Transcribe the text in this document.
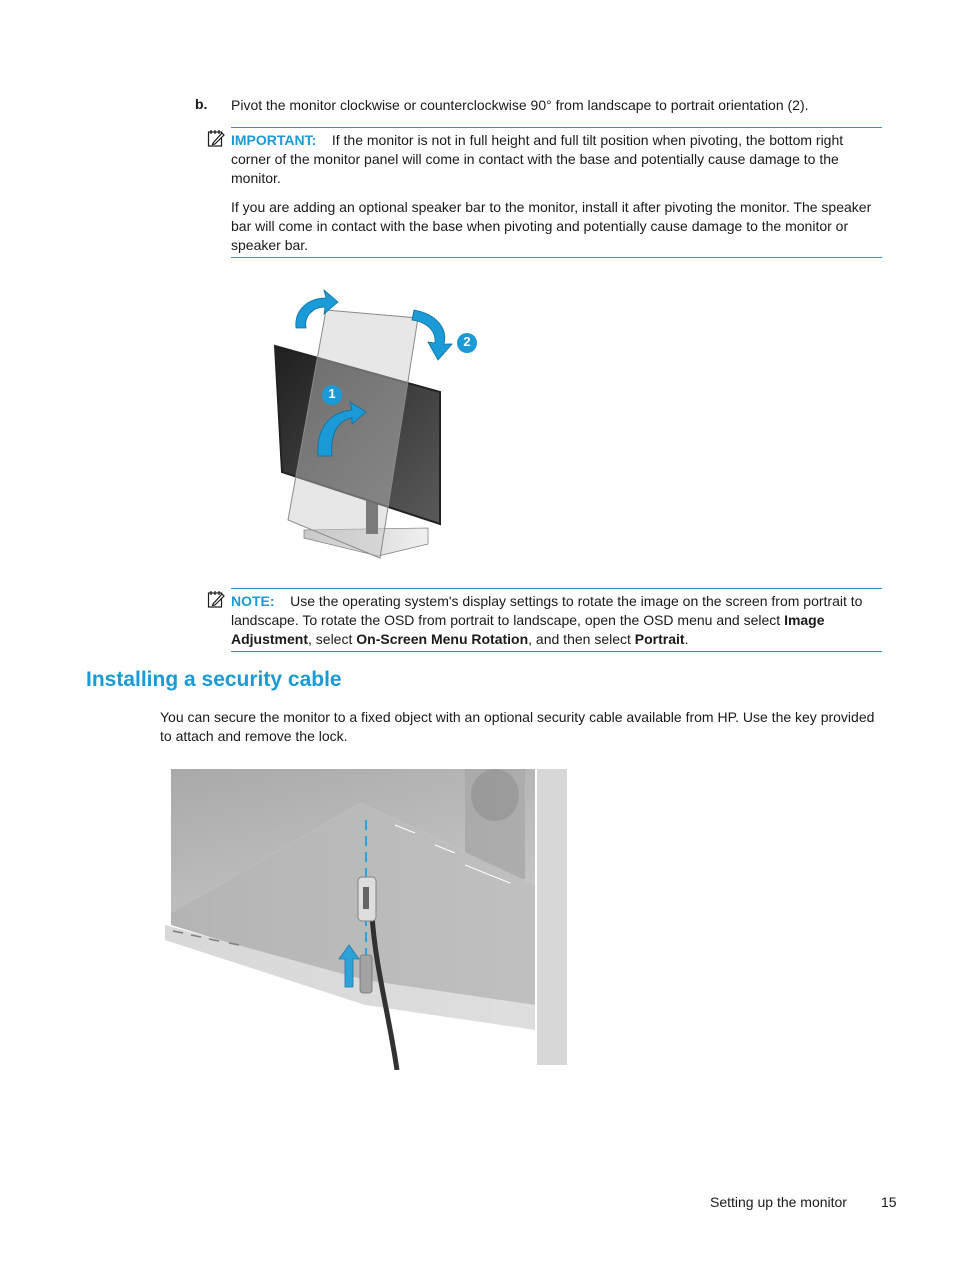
b. Pivot the monitor clockwise or counterclockwise 90° from landscape to portrait orientation (2).
IMPORTANT: If the monitor is not in full height and full tilt position when pivoting, the bottom right corner of the monitor panel will come in contact with the base and potentially cause damage to the monitor.
If you are adding an optional speaker bar to the monitor, install it after pivoting the monitor. The speaker bar will come in contact with the base when pivoting and potentially cause damage to the monitor or speaker bar.
1
2
NOTE: Use the operating system's display settings to rotate the image on the screen from portrait to landscape. To rotate the OSD from portrait to landscape, open the OSD menu and select Image Adjustment, select On-Screen Menu Rotation, and then select Portrait.
Installing a security cable
You can secure the monitor to a fixed object with an optional security cable available from HP. Use the key provided to attach and remove the lock.
Setting up the monitor 15
